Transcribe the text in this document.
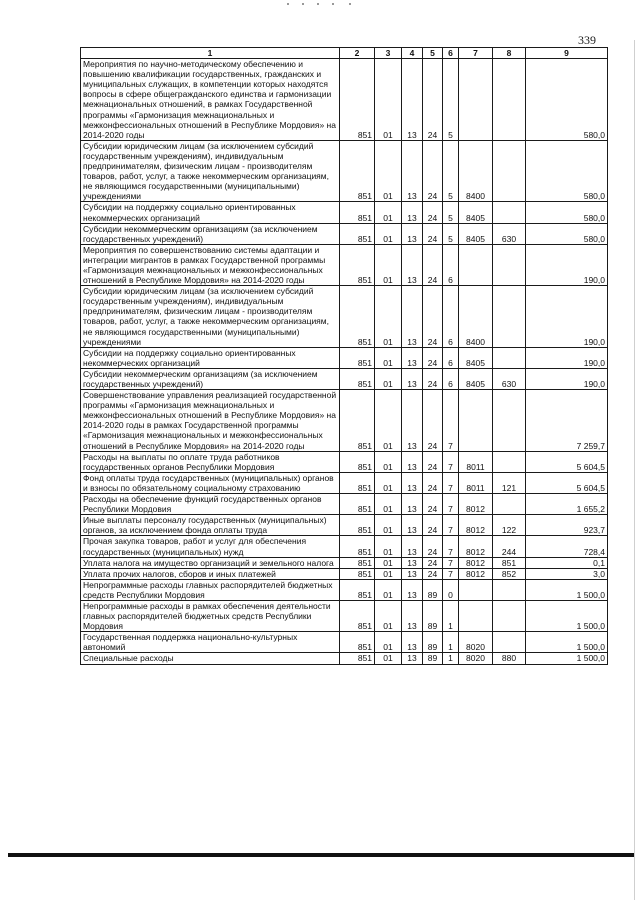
339
1	2	3	4	5	6	7	8	9
Мероприятия по научно-методическому обеспечению и повышению квалификации государственных, гражданских и муниципальных служащих, в компетенции которых находятся вопросы в сфере общегражданского единства и гармонизации межнациональных отношений, в рамках Государственной программы «Гармонизация межнациональных и межконфессиональных отношений в Республике Мордовия» на 2014-2020 годы	851	01	13	24	5			580,0
Субсидии юридическим лицам (за исключением субсидий государственным учреждениям), индивидуальным предпринимателям, физическим лицам - производителям товаров, работ, услуг, а также некоммерческим организациям, не являющимся государственными (муниципальными) учреждениями	851	01	13	24	5	8400		580,0
Субсидии на поддержку социально ориентированных некоммерческих организаций	851	01	13	24	5	8405		580,0
Субсидии некоммерческим организациям (за исключением государственных учреждений)	851	01	13	24	5	8405	630	580,0
Мероприятия по совершенствованию системы адаптации и интеграции мигрантов в рамках Государственной программы «Гармонизация межнациональных и межконфессиональных отношений в Республике Мордовия» на 2014-2020 годы	851	01	13	24	6			190,0
Субсидии юридическим лицам (за исключением субсидий государственным учреждениям), индивидуальным предпринимателям, физическим лицам - производителям товаров, работ, услуг, а также некоммерческим организациям, не являющимся государственными (муниципальными) учреждениями	851	01	13	24	6	8400		190,0
Субсидии на поддержку социально ориентированных некоммерческих организаций	851	01	13	24	6	8405		190,0
Субсидии некоммерческим организациям (за исключением государственных учреждений)	851	01	13	24	6	8405	630	190,0
Совершенствование управления реализацией государственной программы «Гармонизация межнациональных и межконфессиональных отношений в Республике Мордовия» на 2014-2020 годы в рамках Государственной программы «Гармонизация межнациональных и межконфессиональных отношений в Республике Мордовия» на 2014-2020 годы	851	01	13	24	7			7 259,7
Расходы на выплаты по оплате труда работников государственных органов Республики Мордовия	851	01	13	24	7	8011		5 604,5
Фонд оплаты труда государственных (муниципальных) органов и взносы по обязательному социальному страхованию	851	01	13	24	7	8011	121	5 604,5
Расходы на обеспечение функций государственных органов Республики Мордовия	851	01	13	24	7	8012		1 655,2
Иные выплаты персоналу государственных (муниципальных) органов, за исключением фонда оплаты труда	851	01	13	24	7	8012	122	923,7
Прочая закупка товаров, работ и услуг для обеспечения государственных (муниципальных) нужд	851	01	13	24	7	8012	244	728,4
Уплата налога на имущество организаций и земельного налога	851	01	13	24	7	8012	851	0,1
Уплата прочих налогов, сборов и иных платежей	851	01	13	24	7	8012	852	3,0
Непрограммные расходы главных распорядителей бюджетных средств Республики Мордовия	851	01	13	89	0			1 500,0
Непрограммные расходы в рамках обеспечения деятельности главных распорядителей бюджетных средств Республики Мордовия	851	01	13	89	1			1 500,0
Государственная поддержка национально-культурных автономий	851	01	13	89	1	8020		1 500,0
Специальные расходы	851	01	13	89	1	8020	880	1 500,0
